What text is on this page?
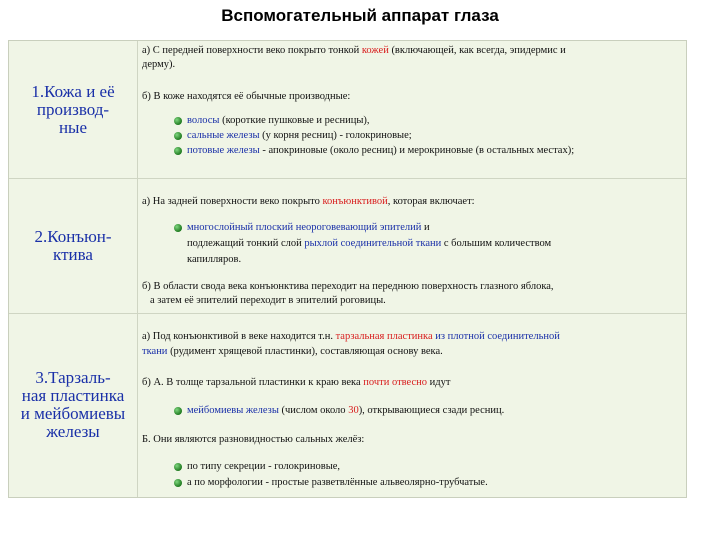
Вспомогательный аппарат глаза
1.Кожа и её
производ-
ные
а) С передней поверхности веко покрыто тонкой кожей (включающей, как всегда, эпидермис и
дерму).
б) В коже находятся её обычные производные:
волосы (короткие пушковые и ресницы),
сальные железы (у корня ресниц) - голокриновые;
потовые железы - апокриновые (около ресниц) и мерокриновые (в остальных местах);
2.Конъюн-
ктива
а) На задней поверхности веко покрыто конъюнктивой, которая включает:
многослойный плоский неороговевающий эпителий и
подлежащий тонкий слой рыхлой соединительной ткани с большим количеством
капилляров.
б) В области свода века конъюнктива переходит на переднюю поверхность глазного яблока,
а затем её эпителий переходит в эпителий роговицы.
3.Тарзаль-
ная пластинка
и мейбомиевы
железы
а) Под конъюнктивой в веке находится т.н. тарзальная пластинка из плотной соединительной
ткани (рудимент хрящевой пластинки), составляющая основу века.
б) А. В толще тарзальной пластинки к краю века почти отвесно идут
мейбомиевы железы (числом около 30), открывающиеся сзади ресниц.
Б. Они являются разновидностью сальных желёз:
по типу секреции - голокриновые,
а по морфологии - простые разветвлённые альвеолярно-трубчатые.
